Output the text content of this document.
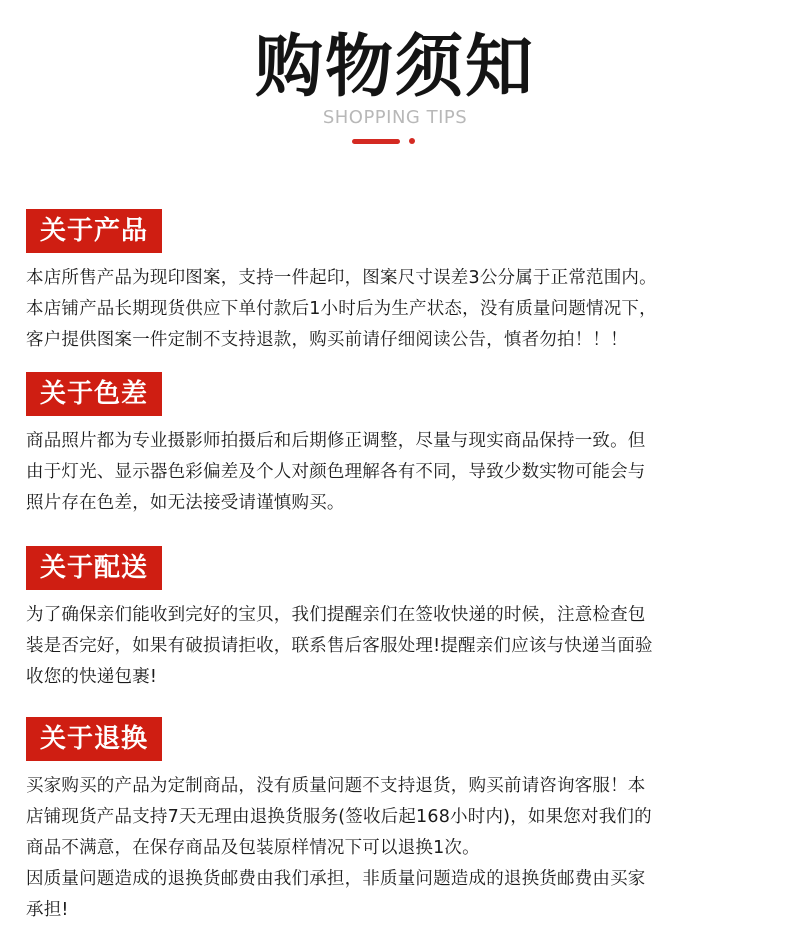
购物须知
SHOPPING TIPS
关于产品
本店所售产品为现印图案，支持一件起印，图案尺寸误差3公分属于正常范围内。
本店铺产品长期现货供应下单付款后1小时后为生产状态，没有质量问题情况下，
客户提供图案一件定制不支持退款，购买前请仔细阅读公告，慎者勿拍！！！
关于色差
商品照片都为专业摄影师拍摄后和后期修正调整，尽量与现实商品保持一致。但
由于灯光、显示器色彩偏差及个人对颜色理解各有不同，导致少数实物可能会与
照片存在色差，如无法接受请谨慎购买。
关于配送
为了确保亲们能收到完好的宝贝，我们提醒亲们在签收快递的时候，注意检查包
装是否完好，如果有破损请拒收，联系售后客服处理!提醒亲们应该与快递当面验
收您的快递包裹!
关于退换
买家购买的产品为定制商品，没有质量问题不支持退货，购买前请咨询客服！本
店铺现货产品支持7天无理由退换货服务(签收后起168小时内)，如果您对我们的
商品不满意，在保存商品及包装原样情况下可以退换1次。
因质量问题造成的退换货邮费由我们承担，非质量问题造成的退换货邮费由买家
承担!
